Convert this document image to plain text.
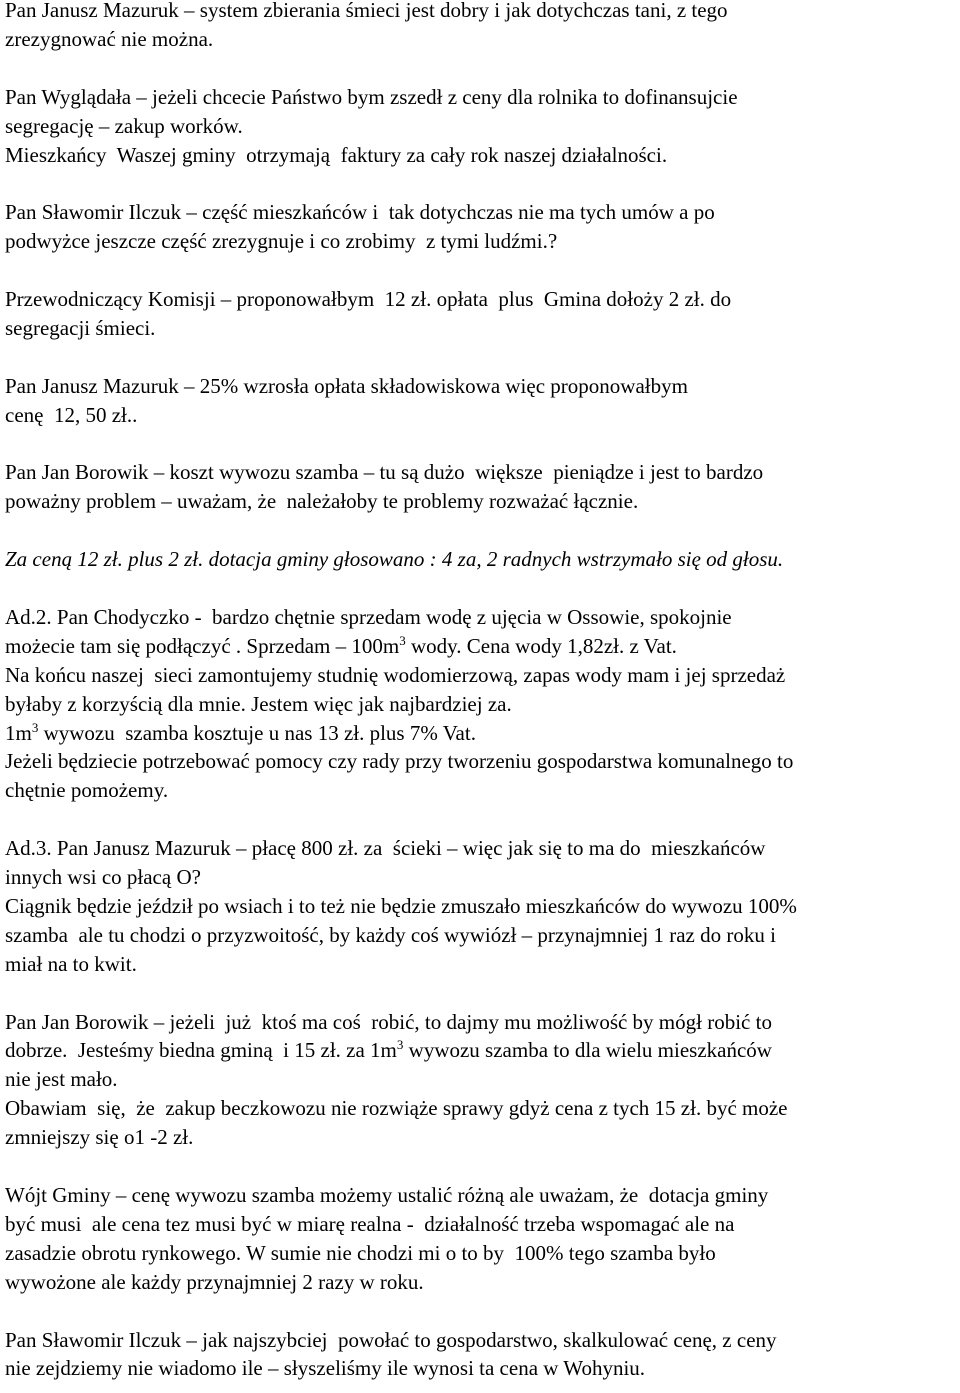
Pan Janusz Mazuruk – system zbierania śmieci jest dobry i jak dotychczas tani, z tego

zrezygnować nie można.

Pan Wyglądała – jeżeli chcecie Państwo bym zszedł z ceny dla rolnika to dofinansujcie

segregację – zakup worków.

Mieszkańcy  Waszej gminy  otrzymają  faktury za cały rok naszej działalności.

Pan Sławomir Ilczuk – część mieszkańców i  tak dotychczas nie ma tych umów a po

podwyżce jeszcze część zrezygnuje i co zrobimy  z tymi ludźmi.?

Przewodniczący Komisji – proponowałbym  12 zł. opłata  plus  Gmina dołoży 2 zł. do

segregacji śmieci.

Pan Janusz Mazuruk – 25% wzrosła opłata składowiskowa więc proponowałbym

cenę  12, 50 zł..

Pan Jan Borowik – koszt wywozu szamba – tu są dużo  większe  pieniądze i jest to bardzo

poważny problem – uważam, że  należałoby te problemy rozważać łącznie.

Za ceną 12 zł. plus 2 zł. dotacja gminy głosowano : 4 za, 2 radnych wstrzymało się od głosu.

Ad.2. Pan Chodyczko -  bardzo chętnie sprzedam wodę z ujęcia w Ossowie, spokojnie

możecie tam się podłączyć . Sprzedam – $100m^3$ wody. Cena wody 1,82zł. z Vat.

Na końcu naszej  sieci zamontujemy studnię wodomierzową, zapas wody mam i jej sprzedaż

byłaby z korzyścią dla mnie. Jestem więc jak najbardziej za.

$1m^3$ wywozu  szamba kosztuje u nas 13 zł. plus 7% Vat.

Jeżeli będziecie potrzebować pomocy czy rady przy tworzeniu gospodarstwa komunalnego to

chętnie pomożemy.

Ad.3. Pan Janusz Mazuruk – płacę 800 zł. za  ścieki – więc jak się to ma do  mieszkańców

innych wsi co płacą O?

Ciągnik będzie jeździł po wsiach i to też nie będzie zmuszało mieszkańców do wywozu 100%

szamba  ale tu chodzi o przyzwoitość, by każdy coś wywiózł – przynajmniej 1 raz do roku i

miał na to kwit.

Pan Jan Borowik – jeżeli  już  ktoś ma coś  robić, to dajmy mu możliwość by mógł robić to

dobrze.  Jesteśmy biedna gminą  i 15 zł. za $1m^3$ wywozu szamba to dla wielu mieszkańców

nie jest mało.

Obawiam  się,  że  zakup beczkowozu nie rozwiąże sprawy gdyż cena z tych 15 zł. być może

zmniejszy się o1 -2 zł.

Wójt Gminy – cenę wywozu szamba możemy ustalić różną ale uważam, że  dotacja gminy

być musi  ale cena tez musi być w miarę realna -  działalność trzeba wspomagać ale na

zasadzie obrotu rynkowego. W sumie nie chodzi mi o to by  100% tego szamba było

wywożone ale każdy przynajmniej 2 razy w roku.

Pan Sławomir Ilczuk – jak najszybciej  powołać to gospodarstwo, skalkulować cenę, z ceny

nie zejdziemy nie wiadomo ile – słyszeliśmy ile wynosi ta cena w Wohyniu.
